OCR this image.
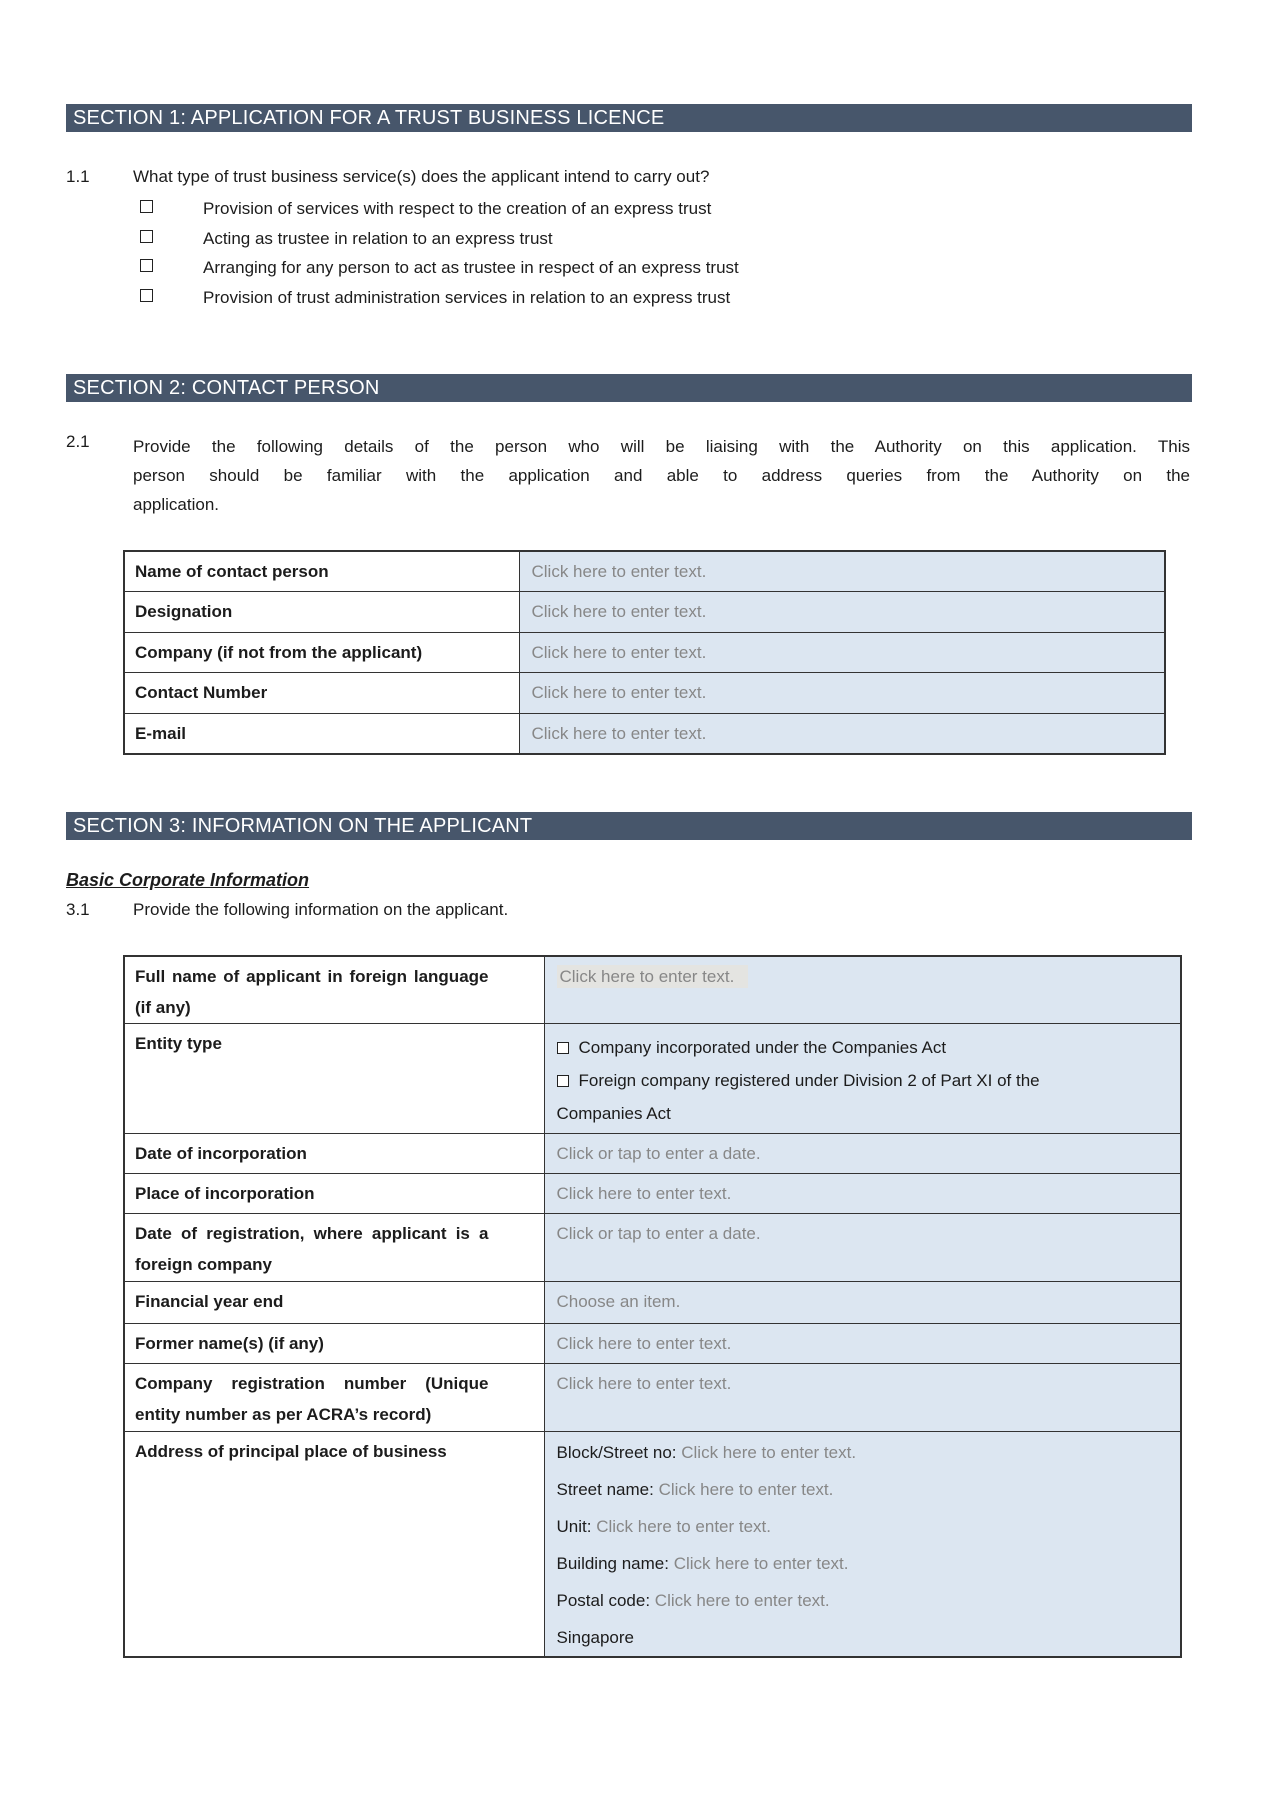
SECTION 1: APPLICATION FOR A TRUST BUSINESS LICENCE
1.1	What type of trust business service(s) does the applicant intend to carry out?
Provision of services with respect to the creation of an express trust
Acting as trustee in relation to an express trust
Arranging for any person to act as trustee in respect of an express trust
Provision of trust administration services in relation to an express trust
SECTION 2: CONTACT PERSON
2.1	Provide the following details of the person who will be liaising with the Authority on this application. This
person should be familiar with the application and able to address queries from the Authority on the
application.
Name of contact person	Click here to enter text.
Designation	Click here to enter text.
Company (if not from the applicant)	Click here to enter text.
Contact Number	Click here to enter text.
E-mail	Click here to enter text.
SECTION 3: INFORMATION ON THE APPLICANT
Basic Corporate Information
3.1	Provide the following information on the applicant.
Full name of applicant in foreign language
(if any)	Click here to enter text.
Entity type	Company incorporated under the Companies Act
Foreign company registered under Division 2 of Part XI of the
Companies Act

Date of incorporation	Click or tap to enter a date.
Place of incorporation	Click here to enter text.

Date of registration, where applicant is a
foreign company	Click or tap to enter a date.
Financial year end	Choose an item.
Former name(s) (if any)	Click here to enter text.

Company registration number (Unique
entity number as per ACRA’s record)	Click here to enter text.
Address of principal place of business	Block/Street no: Click here to enter text.
Street name: Click here to enter text.
Unit: Click here to enter text.
Building name: Click here to enter text.
Postal code: Click here to enter text.
Singapore
